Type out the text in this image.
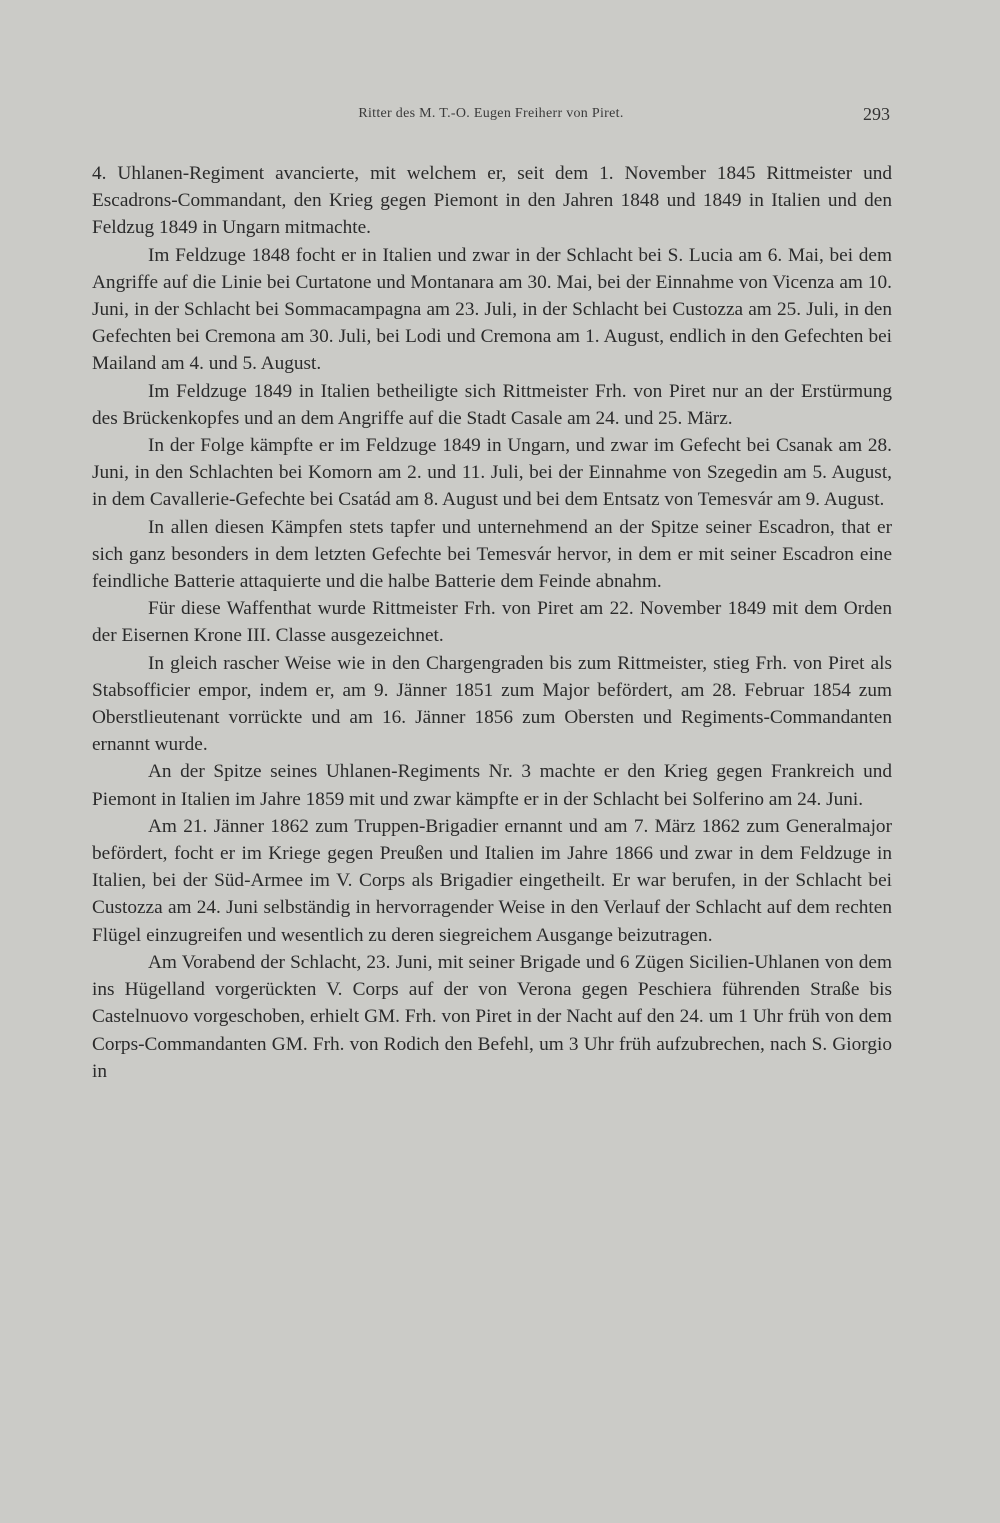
Ritter des M. T.-O. Eugen Freiherr von Piret.	293

4. Uhlanen-Regiment avancierte, mit welchem er, seit dem 1. November 1845 Rittmeister und Escadrons-Commandant, den Krieg gegen Piemont in den Jahren 1848 und 1849 in Italien und den Feldzug 1849 in Ungarn mitmachte.

Im Feldzuge 1848 focht er in Italien und zwar in der Schlacht bei S. Lucia am 6. Mai, bei dem Angriffe auf die Linie bei Curtatone und Montanara am 30. Mai, bei der Einnahme von Vicenza am 10. Juni, in der Schlacht bei Sommacampagna am 23. Juli, in der Schlacht bei Custozza am 25. Juli, in den Gefechten bei Cremona am 30. Juli, bei Lodi und Cremona am 1. August, endlich in den Gefechten bei Mailand am 4. und 5. August.

Im Feldzuge 1849 in Italien betheiligte sich Rittmeister Frh. von Piret nur an der Erstürmung des Brückenkopfes und an dem Angriffe auf die Stadt Casale am 24. und 25. März.

In der Folge kämpfte er im Feldzuge 1849 in Ungarn, und zwar im Gefecht bei Csanak am 28. Juni, in den Schlachten bei Komorn am 2. und 11. Juli, bei der Einnahme von Szegedin am 5. August, in dem Cavallerie-Gefechte bei Csatád am 8. August und bei dem Entsatz von Temesvár am 9. August.

In allen diesen Kämpfen stets tapfer und unternehmend an der Spitze seiner Escadron, that er sich ganz besonders in dem letzten Gefechte bei Temesvár hervor, in dem er mit seiner Escadron eine feindliche Batterie attaquierte und die halbe Batterie dem Feinde abnahm.

Für diese Waffenthat wurde Rittmeister Frh. von Piret am 22. November 1849 mit dem Orden der Eisernen Krone III. Classe ausgezeichnet.

In gleich rascher Weise wie in den Chargengraden bis zum Rittmeister, stieg Frh. von Piret als Stabsofficier empor, indem er, am 9. Jänner 1851 zum Major befördert, am 28. Februar 1854 zum Oberstlieutenant vorrückte und am 16. Jänner 1856 zum Obersten und Regiments-Commandanten ernannt wurde.

An der Spitze seines Uhlanen-Regiments Nr. 3 machte er den Krieg gegen Frankreich und Piemont in Italien im Jahre 1859 mit und zwar kämpfte er in der Schlacht bei Solferino am 24. Juni.

Am 21. Jänner 1862 zum Truppen-Brigadier ernannt und am 7. März 1862 zum Generalmajor befördert, focht er im Kriege gegen Preußen und Italien im Jahre 1866 und zwar in dem Feldzuge in Italien, bei der Süd-Armee im V. Corps als Brigadier eingetheilt. Er war berufen, in der Schlacht bei Custozza am 24. Juni selbständig in hervorragender Weise in den Verlauf der Schlacht auf dem rechten Flügel einzugreifen und wesentlich zu deren siegreichem Ausgange beizutragen.

Am Vorabend der Schlacht, 23. Juni, mit seiner Brigade und 6 Zügen Sicilien-Uhlanen von dem ins Hügelland vorgerückten V. Corps auf der von Verona gegen Peschiera führenden Straße bis Castelnuovo vorgeschoben, erhielt GM. Frh. von Piret in der Nacht auf den 24. um 1 Uhr früh von dem Corps-Commandanten GM. Frh. von Rodich den Befehl, um 3 Uhr früh aufzubrechen, nach S. Giorgio in
